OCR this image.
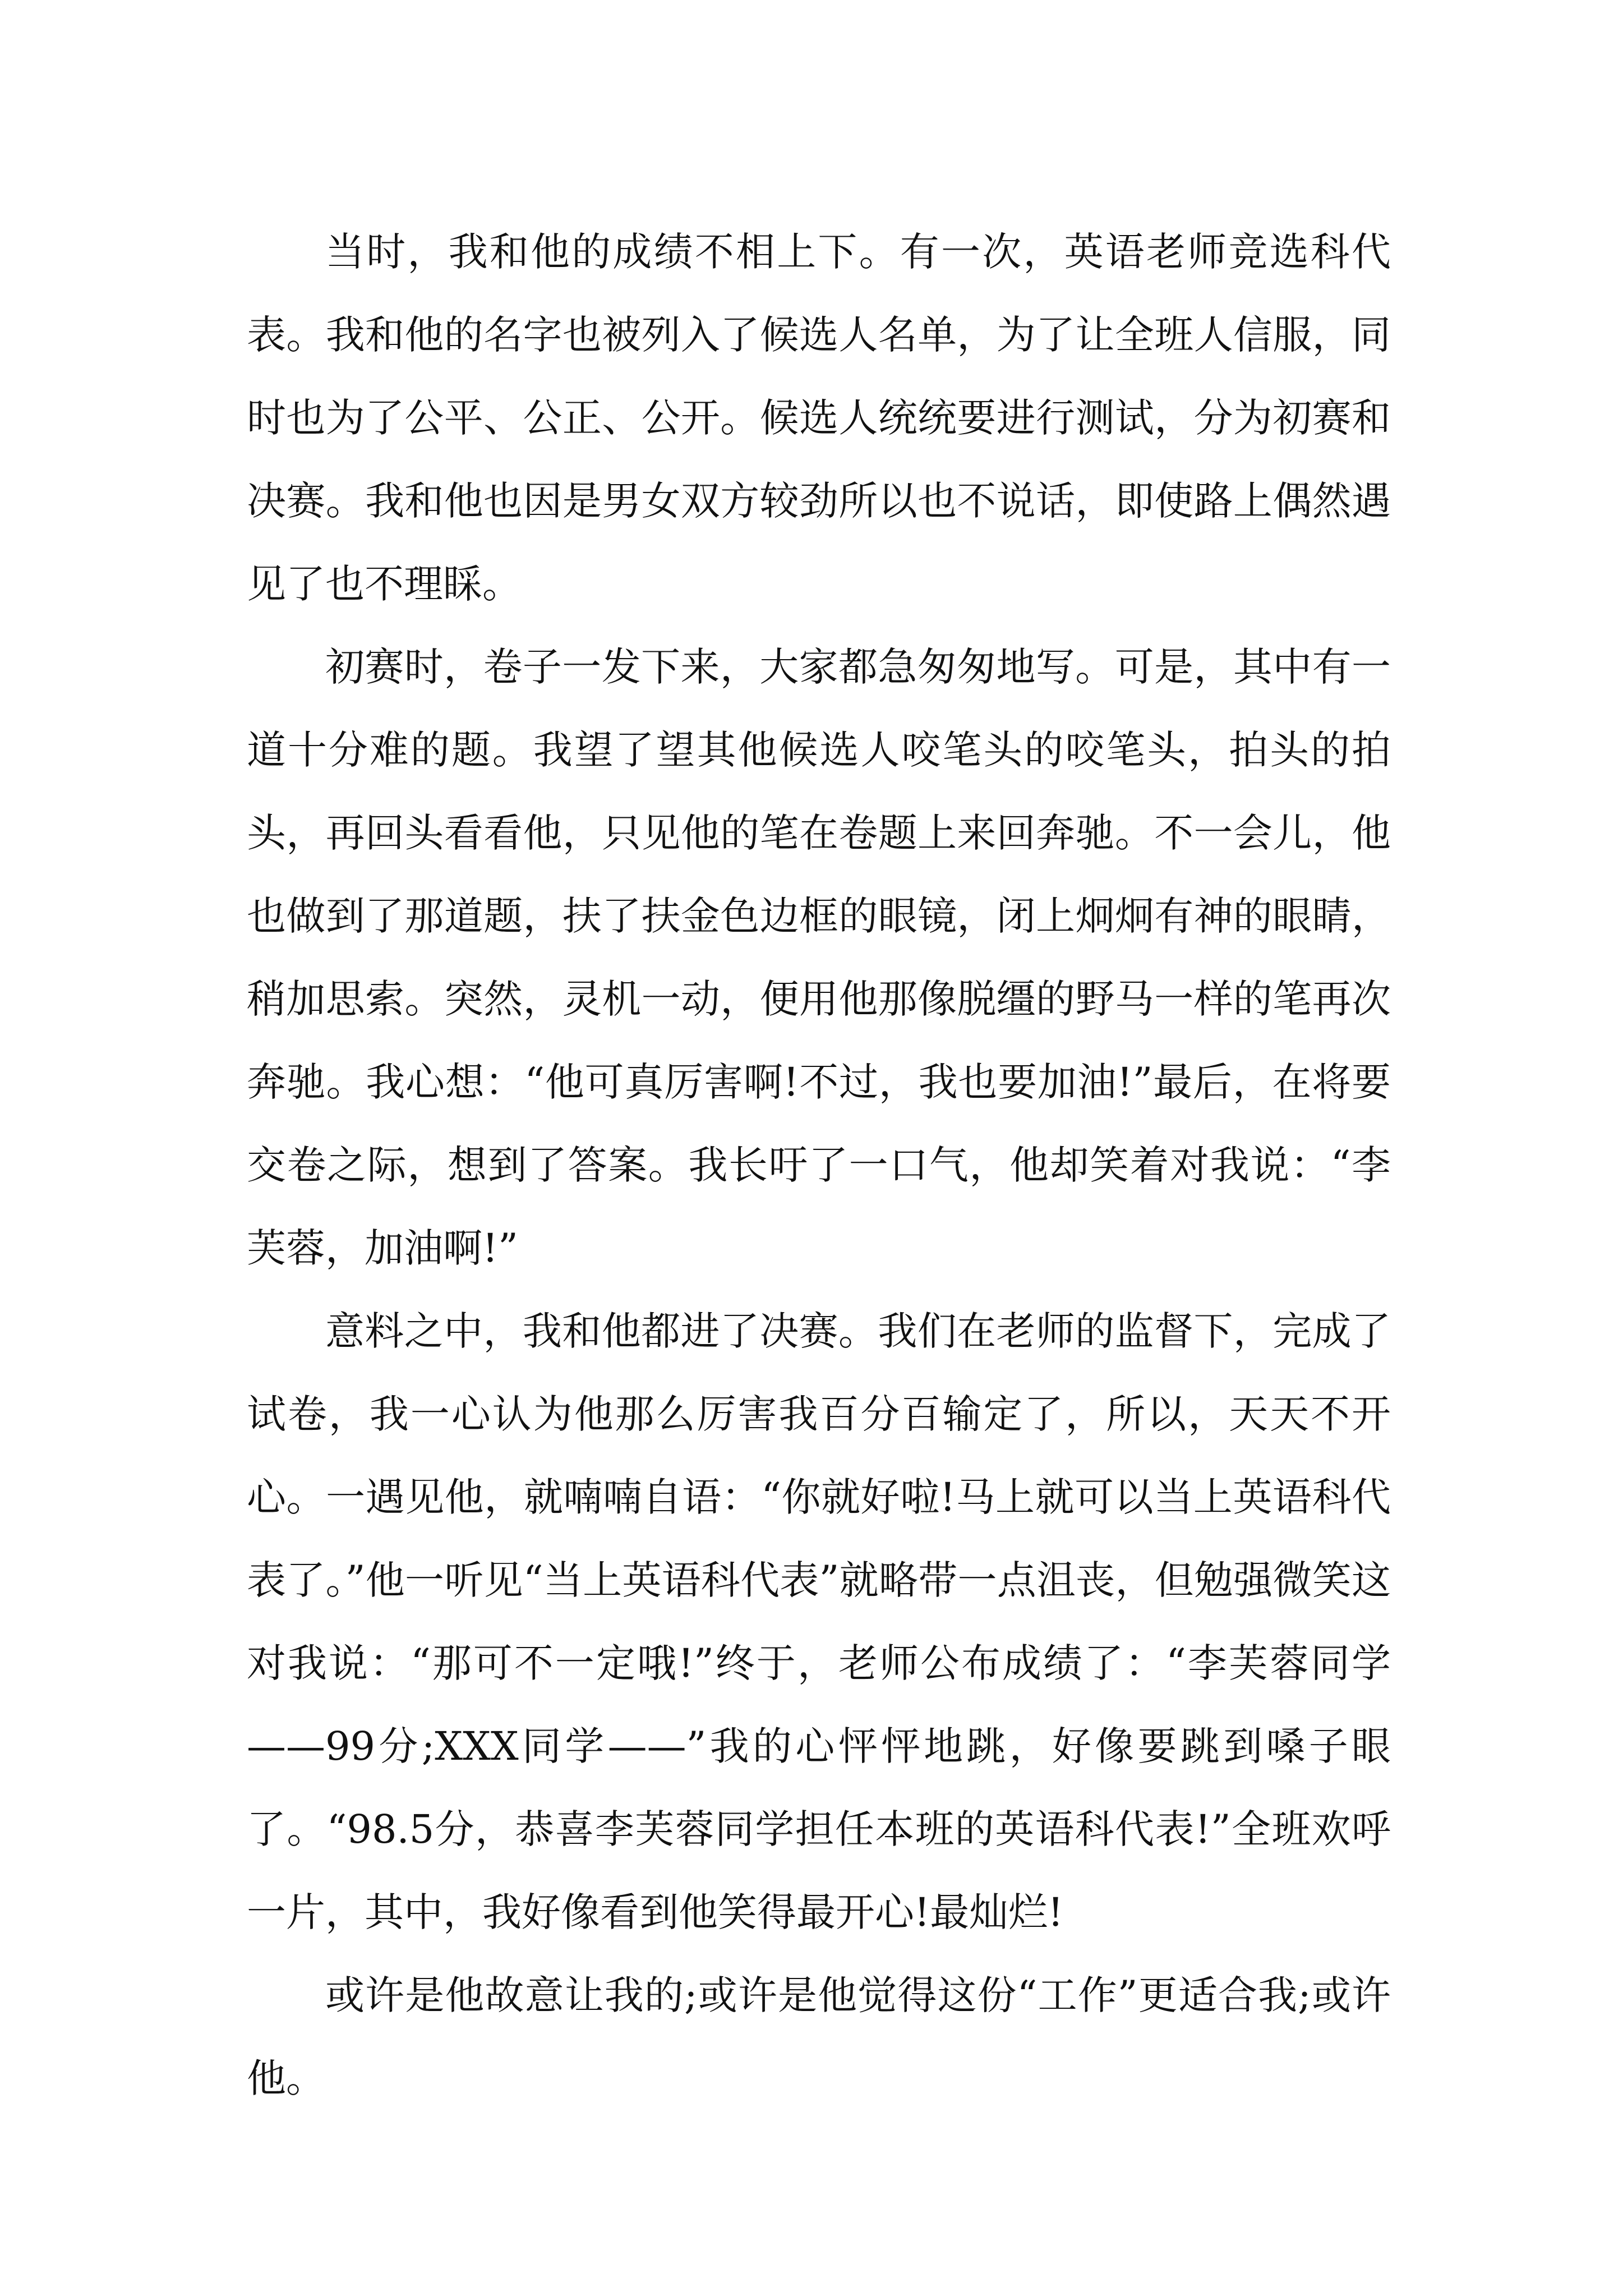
当时，我和他的成绩不相上下。有一次，英语老师竞选科代表。我和他的名字也被列入了候选人名单，为了让全班人信服，同时也为了公平、公正、公开。候选人统统要进行测试，分为初赛和决赛。我和他也因是男女双方较劲所以也不说话，即使路上偶然遇见了也不理睬。

初赛时，卷子一发下来，大家都急匆匆地写。可是，其中有一道十分难的题。我望了望其他候选人咬笔头的咬笔头，拍头的拍头，再回头看看他，只见他的笔在卷题上来回奔驰。不一会儿，他也做到了那道题，扶了扶金色边框的眼镜，闭上炯炯有神的眼睛，稍加思索。突然，灵机一动，便用他那像脱缰的野马一样的笔再次奔驰。我心想：“他可真厉害啊!不过，我也要加油!”最后，在将要交卷之际，想到了答案。我长吁了一口气，他却笑着对我说：“李芙蓉，加油啊!”

意料之中，我和他都进了决赛。我们在老师的监督下，完成了试卷，我一心认为他那么厉害我百分百输定了，所以，天天不开心。一遇见他，就喃喃自语：“你就好啦!马上就可以当上英语科代表了。”他一听见“当上英语科代表”就略带一点沮丧，但勉强微笑这对我说：“那可不一定哦!”终于，老师公布成绩了：“李芙蓉同学——99分;XXX同学——”我的心怦怦地跳，好像要跳到嗓子眼了。“98.5分，恭喜李芙蓉同学担任本班的英语科代表!”全班欢呼一片，其中，我好像看到他笑得最开心!最灿烂!

或许是他故意让我的;或许是他觉得这份“工作”更适合我;或许他。
